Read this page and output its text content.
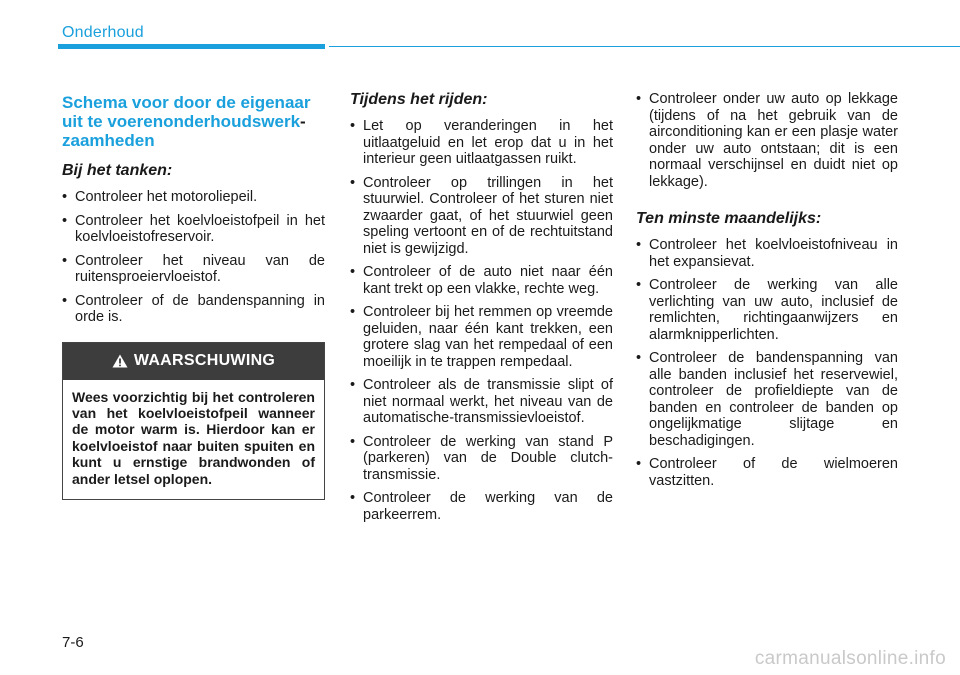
Onderhoud
Schema voor door de eigenaar uit te voerenonderhoudswerk-
zaamheden
Bij het tanken:
• Controleer het motoroliepeil.
• Controleer het koelvloeistofpeil in het koelvloeistofreservoir.
• Controleer het niveau van de ruitensproeiervloeistof.
• Controleer of de bandenspanning in orde is.
WAARSCHUWING
Wees voorzichtig bij het controleren van het koelvloeistofpeil wanneer de motor warm is. Hierdoor kan er koelvloeistof naar buiten spuiten en kunt u ernstige brandwonden of ander letsel oplopen.
Tijdens het rijden:
• Let op veranderingen in het uitlaatgeluid en let erop dat u in het interieur geen uitlaatgassen ruikt.
• Controleer op trillingen in het stuurwiel. Controleer of het sturen niet zwaarder gaat, of het stuurwiel geen speling vertoont en of de rechtuitstand niet is gewijzigd.
• Controleer of de auto niet naar één kant trekt op een vlakke, rechte weg.
• Controleer bij het remmen op vreemde geluiden, naar één kant trekken, een grotere slag van het rempedaal of een moeilijk in te trappen rempedaal.
• Controleer als de transmissie slipt of niet normaal werkt, het niveau van de automatische-transmissievloeistof.
• Controleer de werking van stand P (parkeren) van de Double clutch-transmissie.
• Controleer de werking van de parkeerrem.
• Controleer onder uw auto op lekkage (tijdens of na het gebruik van de airconditioning kan er een plasje water onder uw auto ontstaan; dit is een normaal verschijnsel en duidt niet op lekkage).
Ten minste maandelijks:
• Controleer het koelvloeistofniveau in het expansievat.
• Controleer de werking van alle verlichting van uw auto, inclusief de remlichten, richtingaanwijzers en alarmknipperlichten.
• Controleer de bandenspanning van alle banden inclusief het reservewiel, controleer de profieldiepte van de banden en controleer de banden op ongelijkmatige slijtage en beschadigingen.
• Controleer of de wielmoeren vastzitten.
7-6
carmanualsonline.info
